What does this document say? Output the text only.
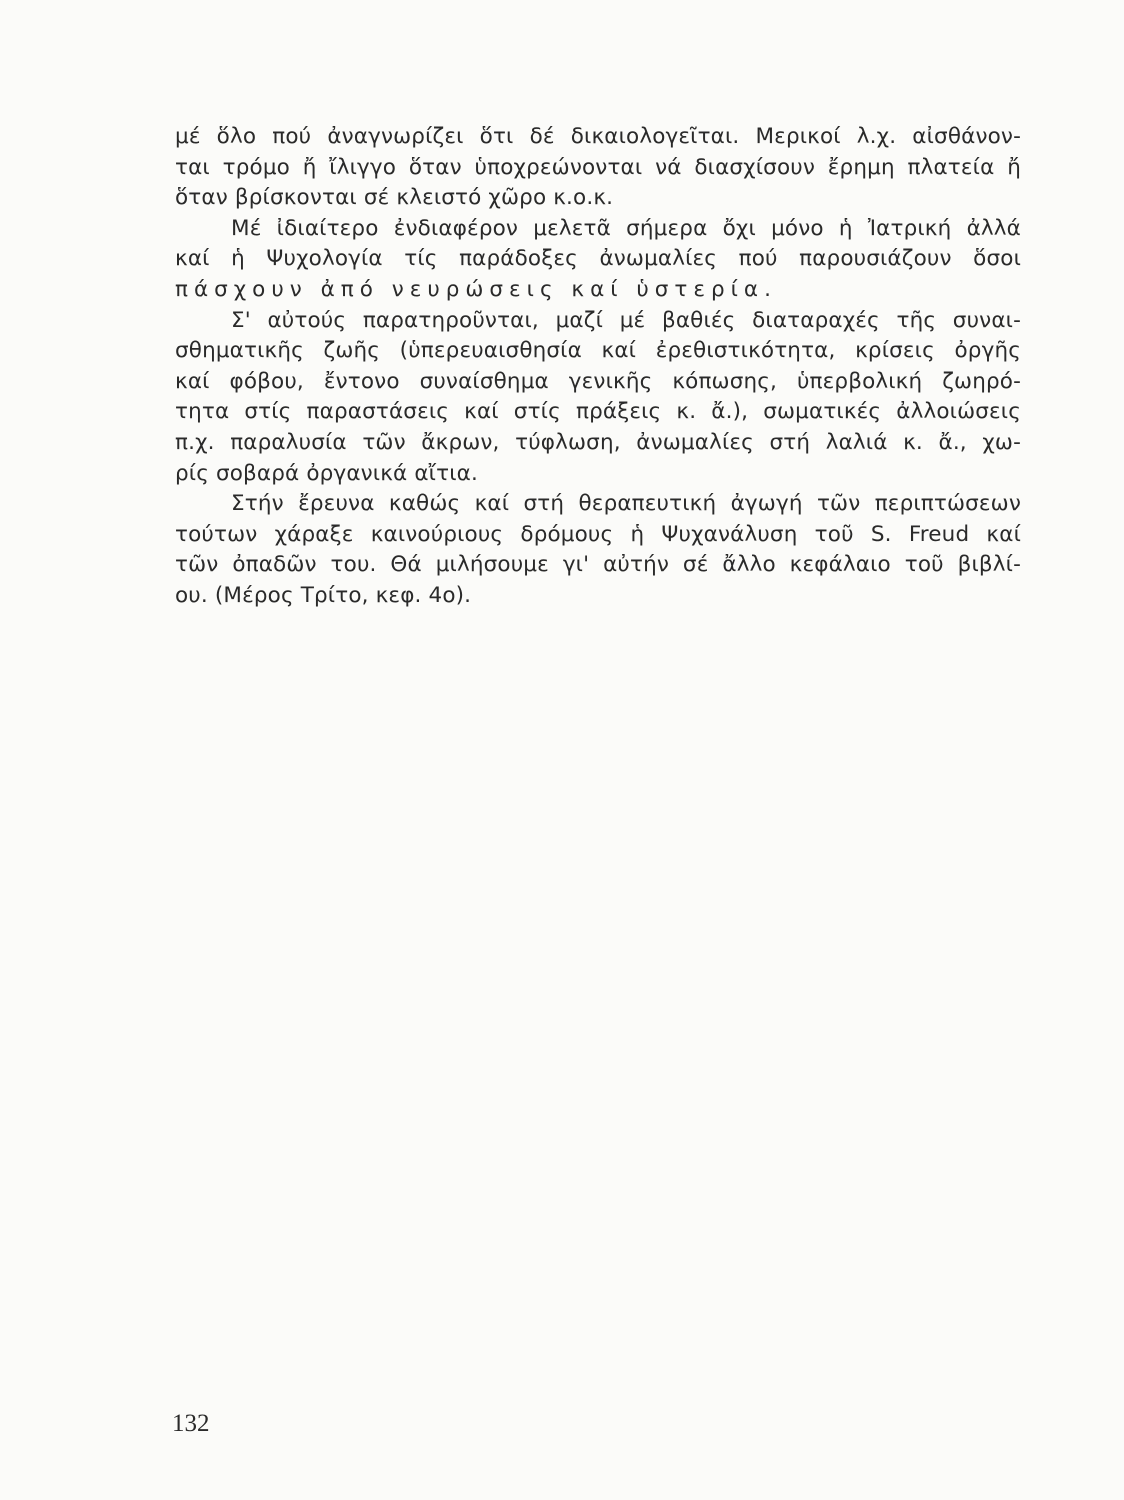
μέ ὅλο πού ἀναγνωρίζει ὅτι δέ δικαιολογεῖται. Μερικοί λ.χ. αἰσθάνον-
ται τρόμο ἤ ἴλιγγο ὅταν ὑποχρεώνονται νά διασχίσουν ἔρημη πλατεία ἤ
ὅταν βρίσκονται σέ κλειστό χῶρο κ.ο.κ.
Μέ ἰδιαίτερο ἐνδιαφέρον μελετᾶ σήμερα ὄχι μόνο ἡ Ἰατρική ἀλλά
καί ἡ Ψυχολογία τίς παράδοξες ἀνωμαλίες πού παρουσιάζουν ὅσοι
πάσχουν ἀπό νευρώσεις καί ὑστερία.
Σ' αὐτούς παρατηροῦνται, μαζί μέ βαθιές διαταραχές τῆς συναι-
σθηματικῆς ζωῆς (ὑπερευαισθησία καί ἐρεθιστικότητα, κρίσεις ὀργῆς
καί φόβου, ἔντονο συναίσθημα γενικῆς κόπωσης, ὑπερβολική ζωηρό-
τητα στίς παραστάσεις καί στίς πράξεις κ. ἄ.), σωματικές ἀλλοιώσεις
π.χ. παραλυσία τῶν ἄκρων, τύφλωση, ἀνωμαλίες στή λαλιά κ. ἄ., χω-
ρίς σοβαρά ὀργανικά αἴτια.
Στήν ἔρευνα καθώς καί στή θεραπευτική ἀγωγή τῶν περιπτώσεων
τούτων χάραξε καινούριους δρόμους ἡ Ψυχανάλυση τοῦ S. Freud καί
τῶν ὀπαδῶν του. Θά μιλήσουμε γι' αὐτήν σέ ἄλλο κεφάλαιο τοῦ βιβλί-
ου. (Μέρος Τρίτο, κεφ. 4ο).
132
